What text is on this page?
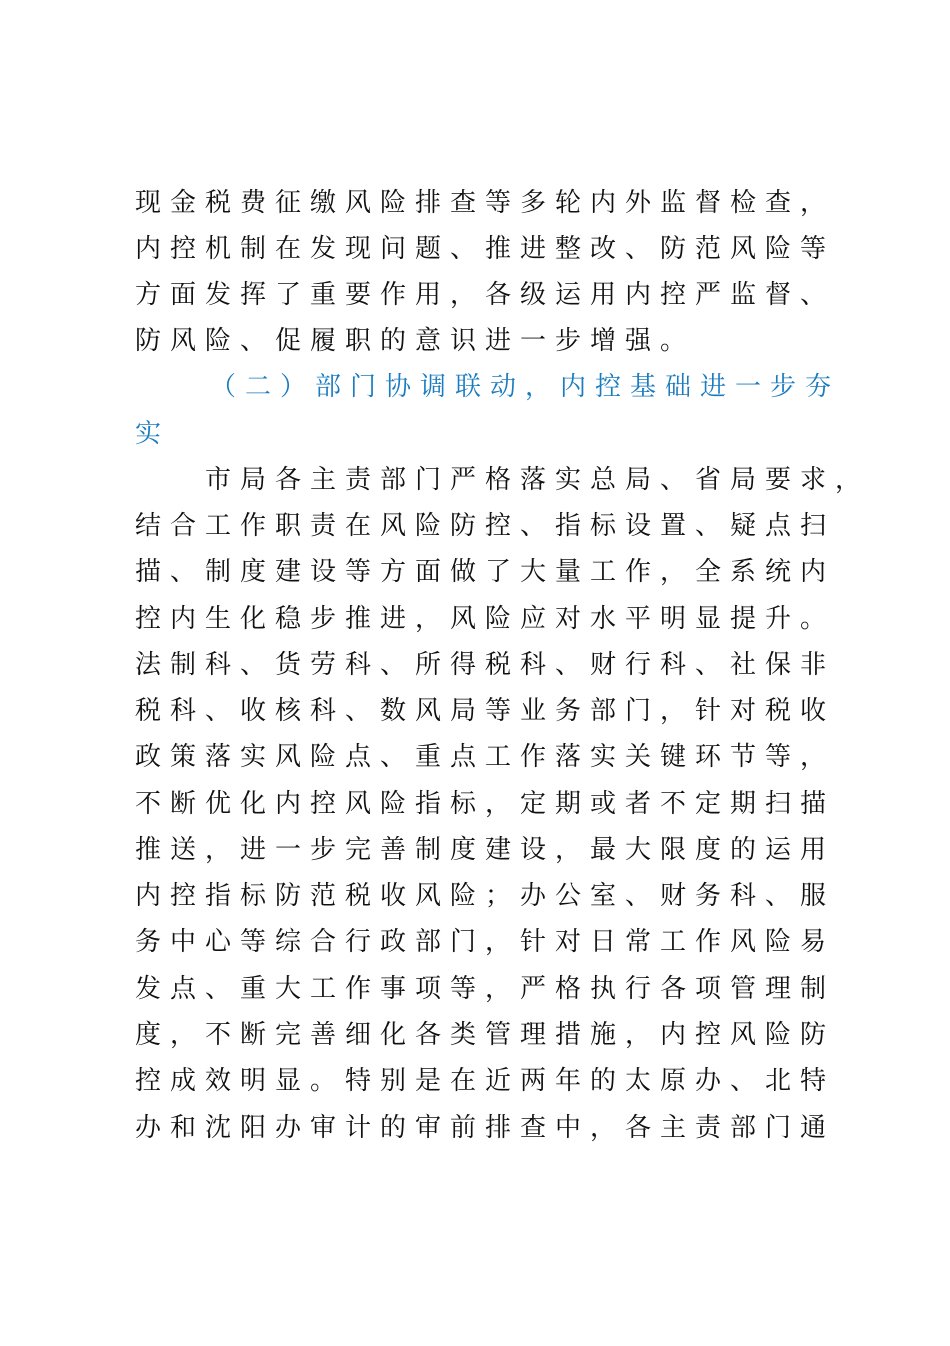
现金税费征缴风险排查等多轮内外监督检查，
内控机制在发现问题、推进整改、防范风险等
方面发挥了重要作用，各级运用内控严监督、
防风险、促履职的意识进一步增强。
（二）部门协调联动，内控基础进一步夯
实
市局各主责部门严格落实总局、省局要求，
结合工作职责在风险防控、指标设置、疑点扫
描、制度建设等方面做了大量工作，全系统内
控内生化稳步推进，风险应对水平明显提升。
法制科、货劳科、所得税科、财行科、社保非
税科、收核科、数风局等业务部门，针对税收
政策落实风险点、重点工作落实关键环节等，
不断优化内控风险指标，定期或者不定期扫描
推送，进一步完善制度建设，最大限度的运用
内控指标防范税收风险；办公室、财务科、服
务中心等综合行政部门，针对日常工作风险易
发点、重大工作事项等，严格执行各项管理制
度，不断完善细化各类管理措施，内控风险防
控成效明显。特别是在近两年的太原办、北特
办和沈阳办审计的审前排查中，各主责部门通
